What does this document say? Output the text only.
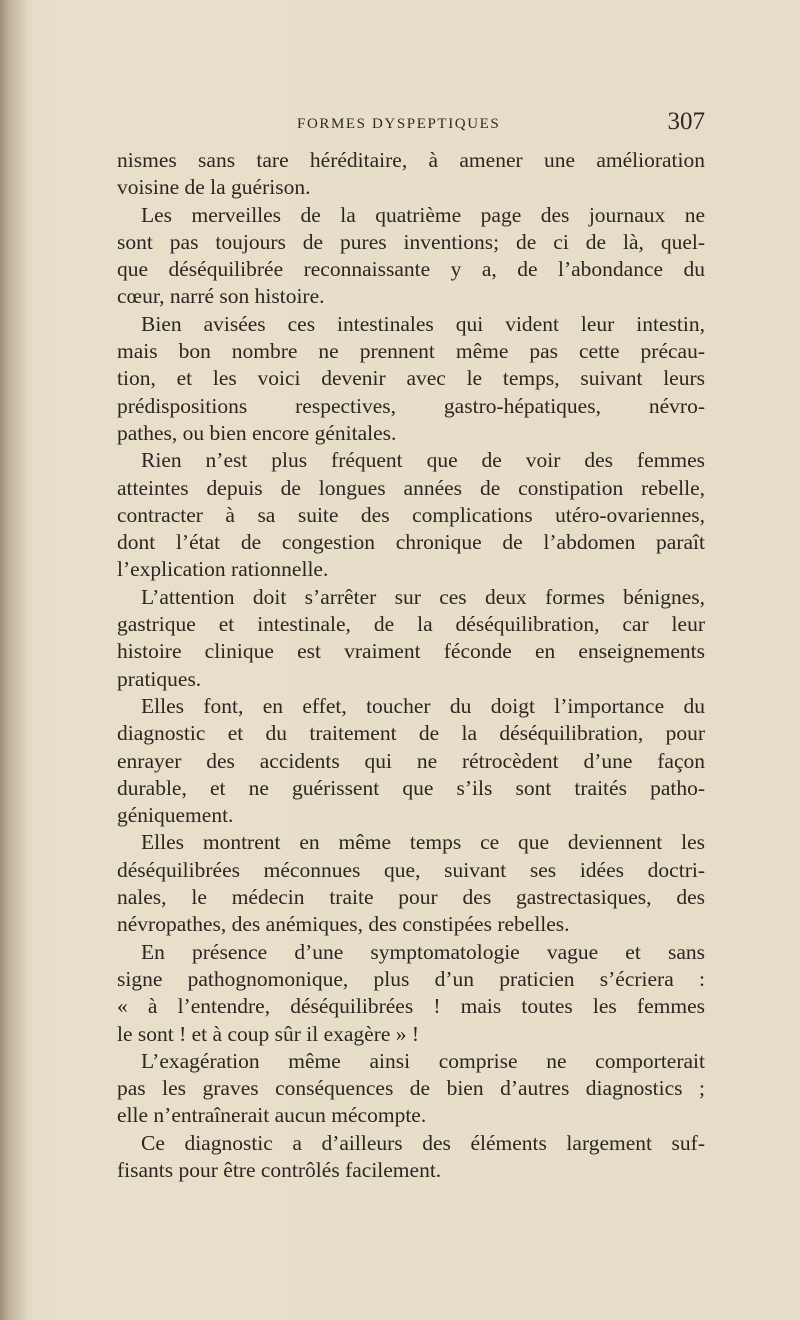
FORMES DYSPEPTIQUES	307
nismes sans tare héréditaire, à amener une amélioration
voisine de la guérison.
Les merveilles de la quatrième page des journaux ne
sont pas toujours de pures inventions; de ci de là, quel-
que déséquilibrée reconnaissante y a, de l’abondance du
cœur, narré son histoire.
Bien avisées ces intestinales qui vident leur intestin,
mais bon nombre ne prennent même pas cette précau-
tion, et les voici devenir avec le temps, suivant leurs
prédispositions respectives, gastro-hépatiques, névro-
pathes, ou bien encore génitales.
Rien n’est plus fréquent que de voir des femmes
atteintes depuis de longues années de constipation rebelle,
contracter à sa suite des complications utéro-ovariennes,
dont l’état de congestion chronique de l’abdomen paraît
l’explication rationnelle.
L’attention doit s’arrêter sur ces deux formes bénignes,
gastrique et intestinale, de la déséquilibration, car leur
histoire clinique est vraiment féconde en enseignements
pratiques.
Elles font, en effet, toucher du doigt l’importance du
diagnostic et du traitement de la déséquilibration, pour
enrayer des accidents qui ne rétrocèdent d’une façon
durable, et ne guérissent que s’ils sont traités patho-
géniquement.
Elles montrent en même temps ce que deviennent les
déséquilibrées méconnues que, suivant ses idées doctri-
nales, le médecin traite pour des gastrectasiques, des
névropathes, des anémiques, des constipées rebelles.
En présence d’une symptomatologie vague et sans
signe pathognomonique, plus d’un praticien s’écriera :
« à l’entendre, déséquilibrées ! mais toutes les femmes
le sont ! et à coup sûr il exagère » !
L’exagération même ainsi comprise ne comporterait
pas les graves conséquences de bien d’autres diagnostics ;
elle n’entraînerait aucun mécompte.
Ce diagnostic a d’ailleurs des éléments largement suf-
fisants pour être contrôlés facilement.
